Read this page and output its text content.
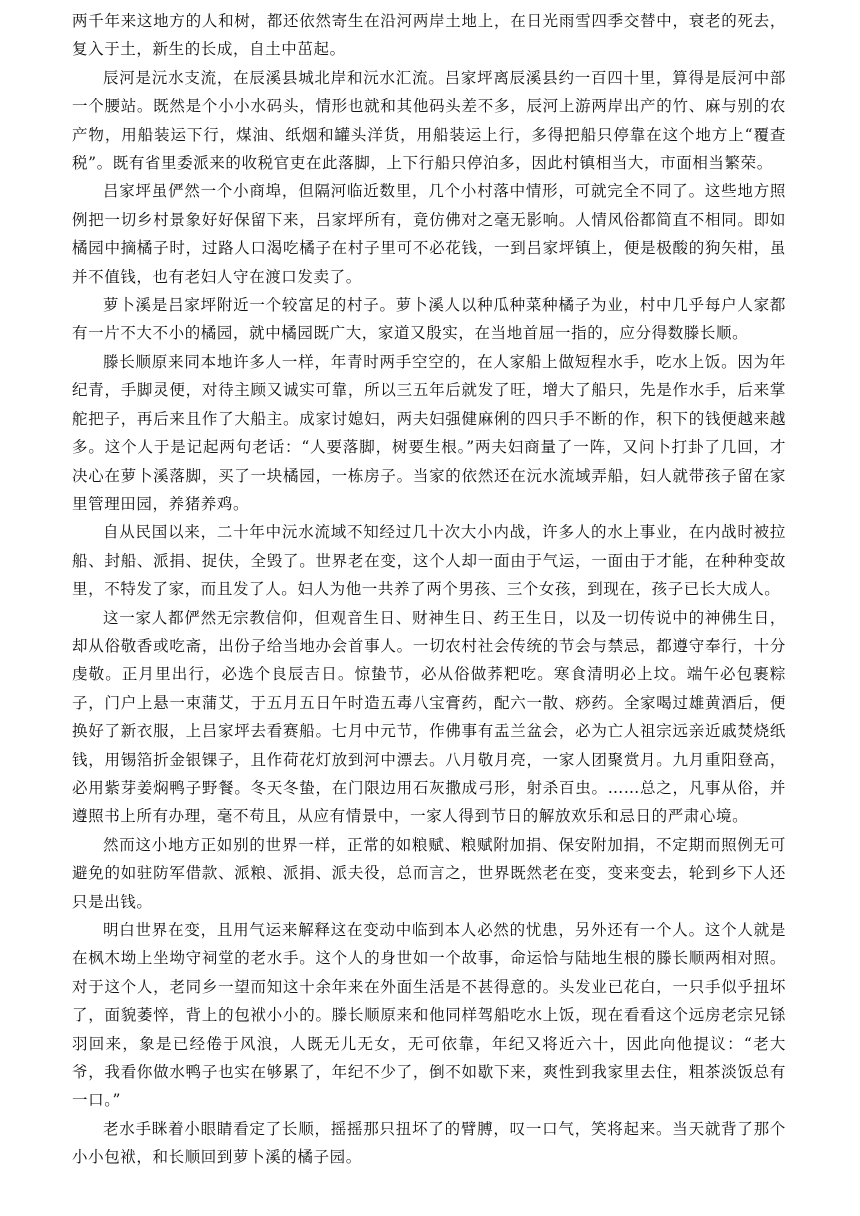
两千年来这地方的人和树，都还依然寄生在沿河两岸土地上，在日光雨雪四季交替中，衰老的死去，复入于土，新生的长成，自土中茁起。

辰河是沅水支流，在辰溪县城北岸和沅水汇流。吕家坪离辰溪县约一百四十里，算得是辰河中部一个腰站。既然是个小小水码头，情形也就和其他码头差不多，辰河上游两岸出产的竹、麻与别的农产物，用船装运下行，煤油、纸烟和罐头洋货，用船装运上行，多得把船只停靠在这个地方上“覆查税”。既有省里委派来的收税官吏在此落脚，上下行船只停泊多，因此村镇相当大，市面相当繁荣。

吕家坪虽俨然一个小商埠，但隔河临近数里，几个小村落中情形，可就完全不同了。这些地方照例把一切乡村景象好好保留下来，吕家坪所有，竟仿佛对之毫无影响。人情风俗都简直不相同。即如橘园中摘橘子时，过路人口渴吃橘子在村子里可不必花钱，一到吕家坪镇上，便是极酸的狗矢柑，虽并不值钱，也有老妇人守在渡口发卖了。

萝卜溪是吕家坪附近一个较富足的村子。萝卜溪人以种瓜种菜种橘子为业，村中几乎每户人家都有一片不大不小的橘园，就中橘园既广大，家道又殷实，在当地首屈一指的，应分得数滕长顺。

滕长顺原来同本地许多人一样，年青时两手空空的，在人家船上做短程水手，吃水上饭。因为年纪青，手脚灵便，对待主顾又诚实可靠，所以三五年后就发了旺，增大了船只，先是作水手，后来掌舵把子，再后来且作了大船主。成家讨媳妇，两夫妇强健麻俐的四只手不断的作，积下的钱便越来越多。这个人于是记起两句老话：“人要落脚，树要生根。”两夫妇商量了一阵，又问卜打卦了几回，才决心在萝卜溪落脚，买了一块橘园，一栋房子。当家的依然还在沅水流域弄船，妇人就带孩子留在家里管理田园，养猪养鸡。

自从民国以来，二十年中沅水流域不知经过几十次大小内战，许多人的水上事业，在内战时被拉船、封船、派捐、捉伕，全毁了。世界老在变，这个人却一面由于气运，一面由于才能，在种种变故里，不特发了家，而且发了人。妇人为他一共养了两个男孩、三个女孩，到现在，孩子已长大成人。

这一家人都俨然无宗教信仰，但观音生日、财神生日、药王生日，以及一切传说中的神佛生日，却从俗敬香或吃斋，出份子给当地办会首事人。一切农村社会传统的节会与禁忌，都遵守奉行，十分虔敬。正月里出行，必选个良辰吉日。惊蛰节，必从俗做荞粑吃。寒食清明必上坟。端午必包裹粽子，门户上悬一束蒲艾，于五月五日午时造五毒八宝膏药，配六一散、痧药。全家喝过雄黄酒后，便换好了新衣服，上吕家坪去看赛船。七月中元节，作佛事有盂兰盆会，必为亡人祖宗远亲近戚焚烧纸钱，用锡箔折金银锞子，且作荷花灯放到河中漂去。八月敬月亮，一家人团聚赏月。九月重阳登高，必用紫芽姜焖鸭子野餐。冬天冬蛰，在门限边用石灰撒成弓形，射杀百虫。……总之，凡事从俗，并遵照书上所有办理，毫不苟且，从应有情景中，一家人得到节日的解放欢乐和忌日的严肃心境。

然而这小地方正如别的世界一样，正常的如粮赋、粮赋附加捐、保安附加捐，不定期而照例无可避免的如驻防军借款、派粮、派捐、派夫役，总而言之，世界既然老在变，变来变去，轮到乡下人还只是出钱。

明白世界在变，且用气运来解释这在变动中临到本人必然的忧患，另外还有一个人。这个人就是在枫木坳上坐坳守祠堂的老水手。这个人的身世如一个故事，命运恰与陆地生根的滕长顺两相对照。对于这个人，老同乡一望而知这十余年来在外面生活是不甚得意的。头发业已花白，一只手似乎扭坏了，面貌萎悴，背上的包袱小小的。滕长顺原来和他同样驾船吃水上饭，现在看看这个远房老宗兄铩羽回来，象是已经倦于风浪，人既无儿无女，无可依靠，年纪又将近六十，因此向他提议：“老大爷，我看你做水鸭子也实在够累了，年纪不少了，倒不如歇下来，爽性到我家里去住，粗茶淡饭总有一口。”

老水手眯着小眼睛看定了长顺，摇摇那只扭坏了的臂膊，叹一口气，笑将起来。当天就背了那个小小包袱，和长顺回到萝卜溪的橘子园。
